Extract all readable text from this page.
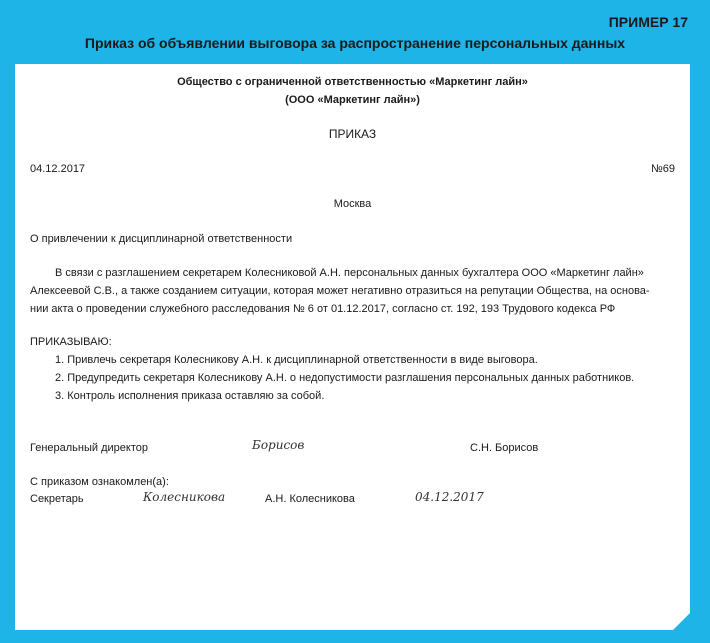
ПРИМЕР 17
Приказ об объявлении выговора за распространение персональных данных
Общество с ограниченной ответственностью «Маркетинг лайн»
(ООО «Маркетинг лайн»)
ПРИКАЗ
04.12.2017	№69
Москва
О привлечении к дисциплинарной ответственности
В связи с разглашением секретарем Колесниковой А.Н. персональных данных бухгалтера ООО «Маркетинг лайн»
Алексеевой С.В., а также созданием ситуации, которая может негативно отразиться на репутации Общества, на основа-
нии акта о проведении служебного расследования № 6 от 01.12.2017, согласно ст. 192, 193 Трудового кодекса РФ
ПРИКАЗЫВАЮ:
1. Привлечь секретаря Колесникову А.Н. к дисциплинарной ответственности в виде выговора.
2. Предупредить секретаря Колесникову А.Н. о недопустимости разглашения персональных данных работников.
3. Контроль исполнения приказа оставляю за собой.
Генеральный директор	Борисов	С.Н. Борисов
С приказом ознакомлен(а):
Секретарь	Колесникова	А.Н. Колесникова	04.12.2017
